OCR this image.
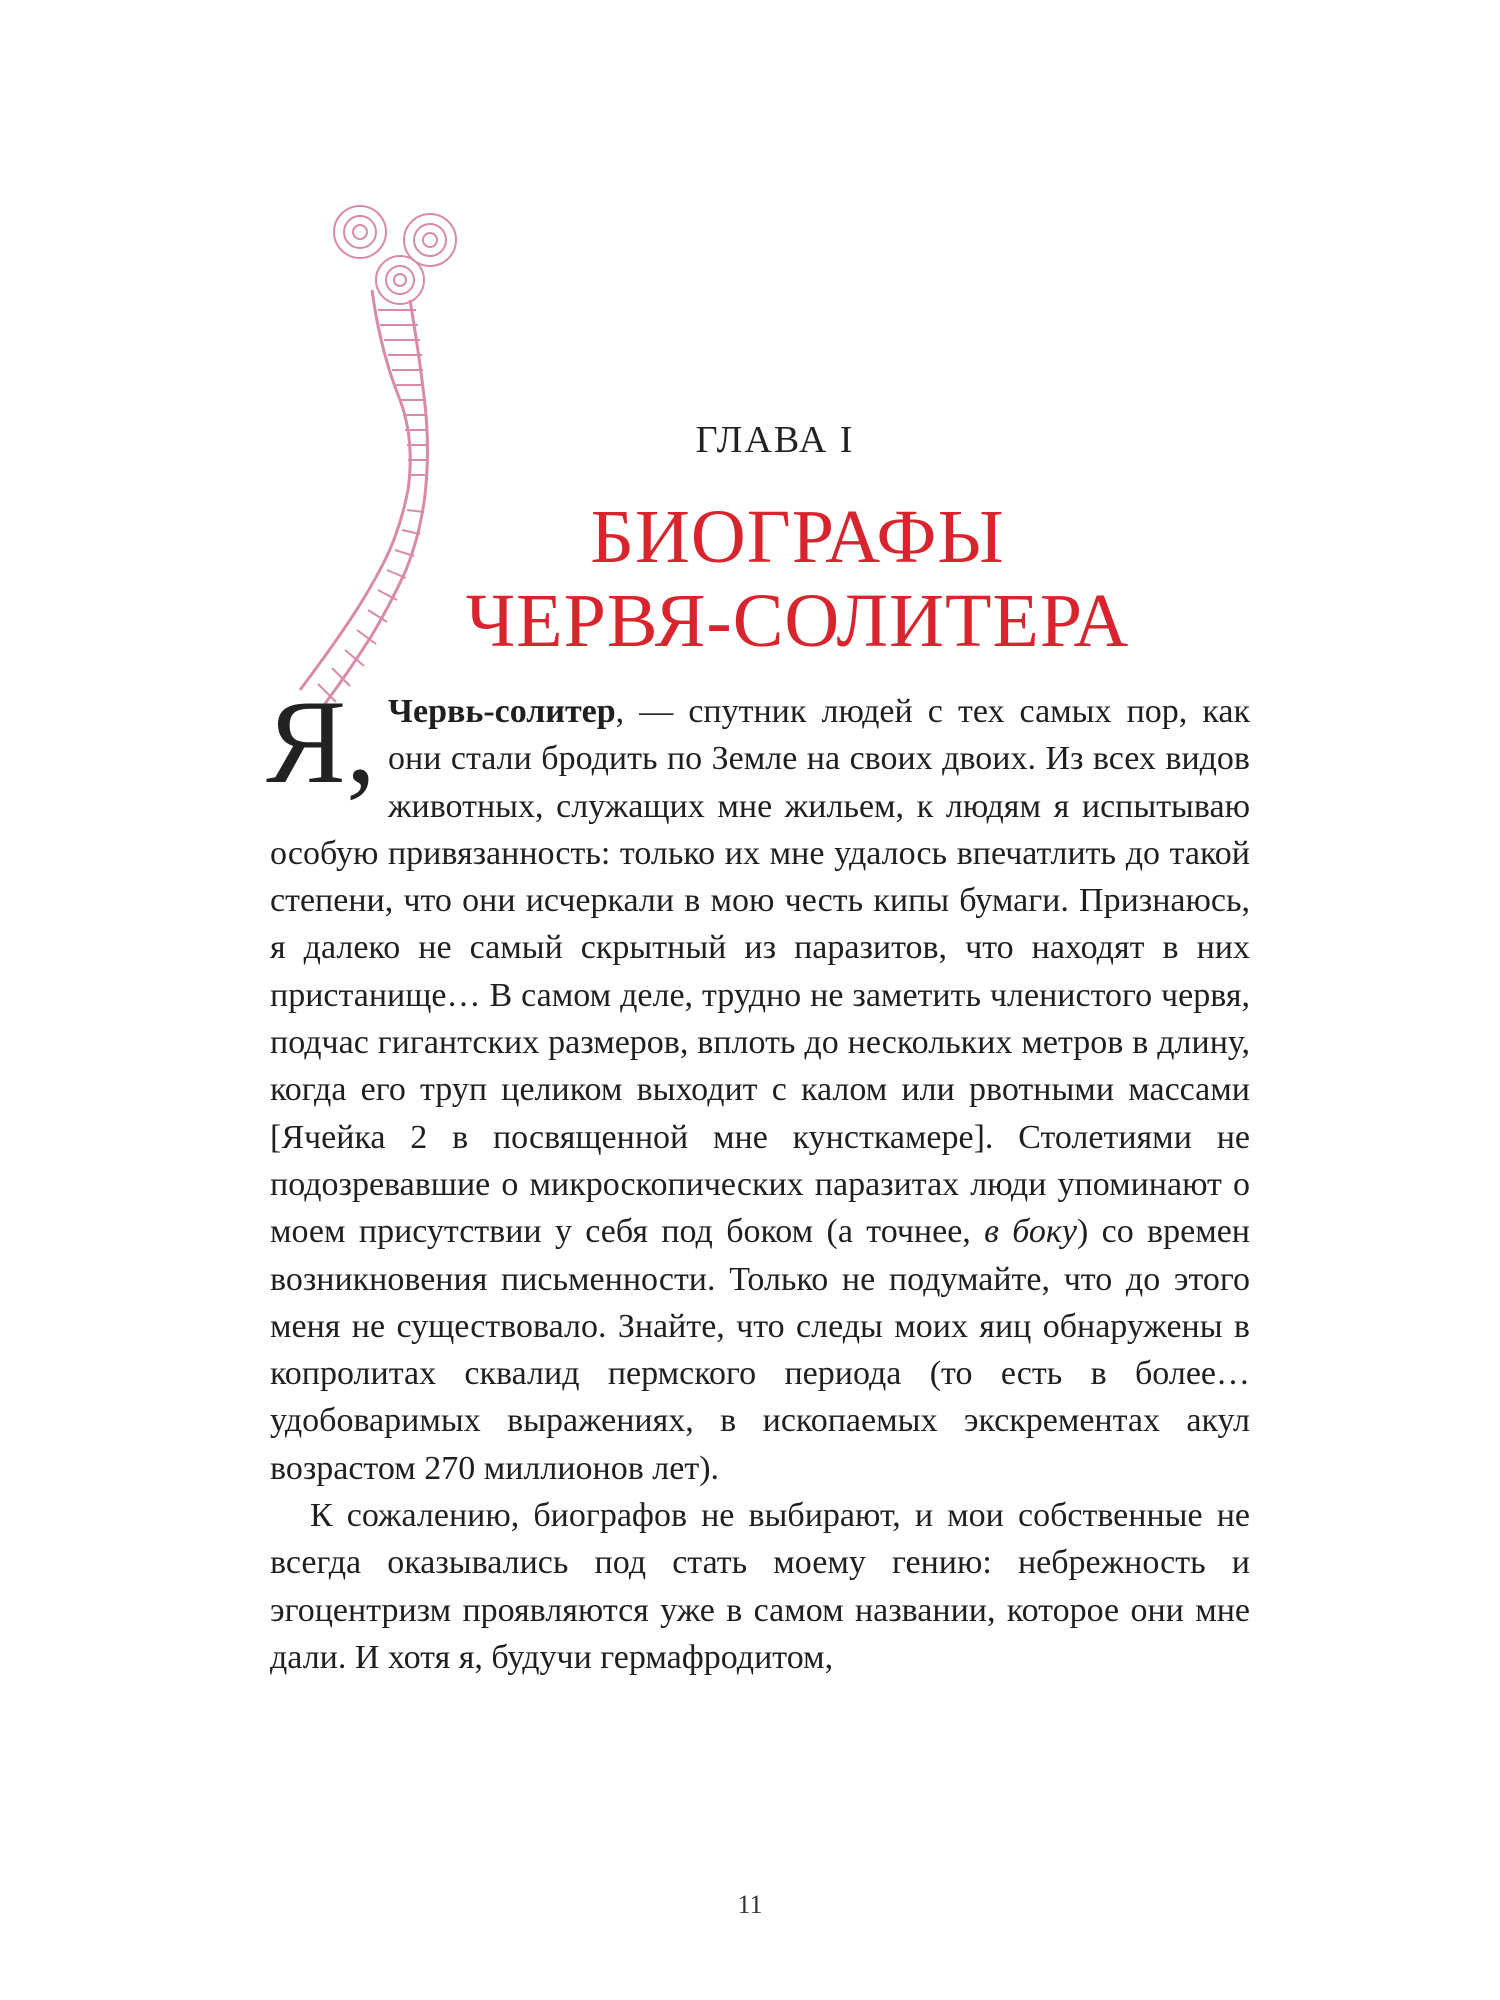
ГЛАВА I
БИОГРАФЫ
ЧЕРВЯ-СОЛИТЕРА

Я, Червь-солитер, — спутник людей с тех самых пор, как они стали бродить по Земле на своих двоих. Из всех видов животных, служащих мне жильем, к людям я испытываю особую привязанность: только их мне удалось впечатлить до такой степени, что они исчеркали в мою честь кипы бумаги. Признаюсь, я далеко не самый скрытный из паразитов, что находят в них пристанище… В самом деле, трудно не заметить членистого червя, подчас гигантских размеров, вплоть до нескольких метров в длину, когда его труп целиком выходит с калом или рвотными массами [Ячейка 2 в посвященной мне кунсткамере]. Столетиями не подозревавшие о микроскопических паразитах люди упоминают о моем присутствии у себя под боком (а точнее, в боку) со времен возникновения письменности. Только не подумайте, что до этого меня не существовало. Знайте, что следы моих яиц обнаружены в копролитах сквалид пермского периода (то есть в более… удобоваримых выражениях, в ископаемых экскрементах акул возрастом 270 миллионов лет).

К сожалению, биографов не выбирают, и мои собственные не всегда оказывались под стать моему гению: небрежность и эгоцентризм проявляются уже в самом названии, которое они мне дали. И хотя я, будучи гермафродитом,

11
